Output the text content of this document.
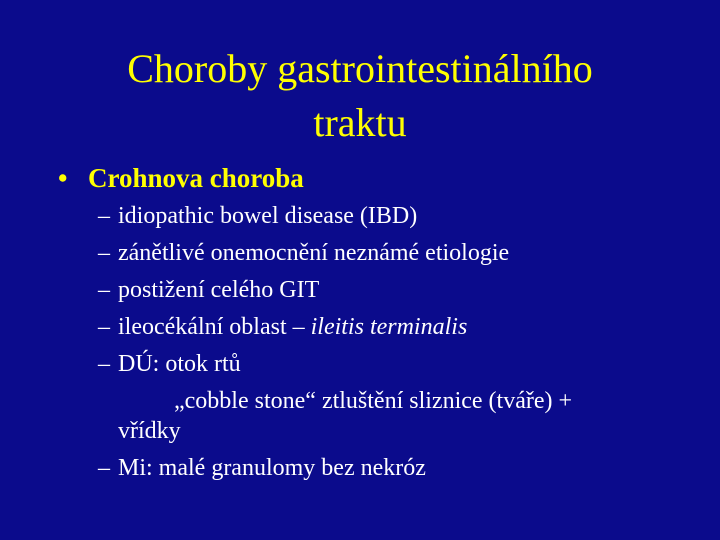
Choroby gastrointestinálního
traktu
• Crohnova choroba
– idiopathic bowel disease (IBD)
– zánětlivé onemocnění neznámé etiologie
– postižení celého GIT
– ileocékální oblast – ileitis terminalis
– DÚ: otok rtů
„cobble stone“ ztluštění sliznice (tváře) +
vřídky
– Mi: malé granulomy bez nekróz
